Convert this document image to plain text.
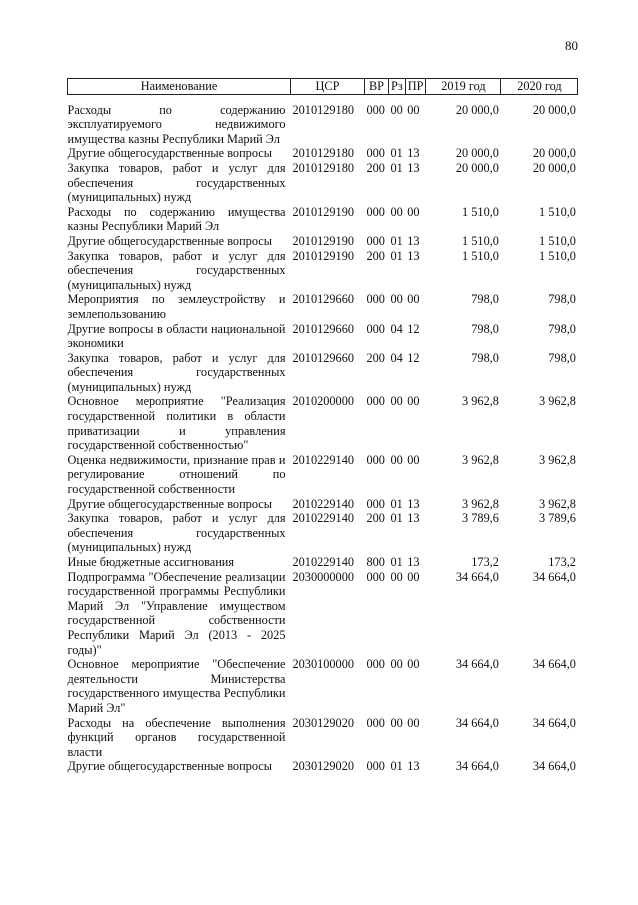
80
Наименование	ЦСР	ВР	Рз	ПР	2019 год	2020 год
Расходы по содержанию эксплуатируемого недвижимого имущества казны Республики Марий Эл	2010129180	000	00	00	20 000,0	20 000,0
Другие общегосударственные вопросы	2010129180	000	01	13	20 000,0	20 000,0
Закупка товаров, работ и услуг для обеспечения государственных (муниципальных) нужд	2010129180	200	01	13	20 000,0	20 000,0
Расходы по содержанию имущества казны Республики Марий Эл	2010129190	000	00	00	1 510,0	1 510,0
Другие общегосударственные вопросы	2010129190	000	01	13	1 510,0	1 510,0
Закупка товаров, работ и услуг для обеспечения государственных (муниципальных) нужд	2010129190	200	01	13	1 510,0	1 510,0
Мероприятия по землеустройству и землепользованию	2010129660	000	00	00	798,0	798,0
Другие вопросы в области национальной экономики	2010129660	000	04	12	798,0	798,0
Закупка товаров, работ и услуг для обеспечения государственных (муниципальных) нужд	2010129660	200	04	12	798,0	798,0
Основное мероприятие "Реализация государственной политики в области приватизации и управления государственной собственностью"	2010200000	000	00	00	3 962,8	3 962,8
Оценка недвижимости, признание прав и регулирование отношений по государственной собственности	2010229140	000	00	00	3 962,8	3 962,8
Другие общегосударственные вопросы	2010229140	000	01	13	3 962,8	3 962,8
Закупка товаров, работ и услуг для обеспечения государственных (муниципальных) нужд	2010229140	200	01	13	3 789,6	3 789,6
Иные бюджетные ассигнования	2010229140	800	01	13	173,2	173,2
Подпрограмма "Обеспечение реализации государственной программы Республики Марий Эл "Управление имуществом государственной собственности Республики Марий Эл (2013 - 2025 годы)"	2030000000	000	00	00	34 664,0	34 664,0
Основное мероприятие "Обеспечение деятельности Министерства государственного имущества Республики Марий Эл"	2030100000	000	00	00	34 664,0	34 664,0
Расходы на обеспечение выполнения функций органов государственной власти	2030129020	000	00	00	34 664,0	34 664,0
Другие общегосударственные вопросы	2030129020	000	01	13	34 664,0	34 664,0
